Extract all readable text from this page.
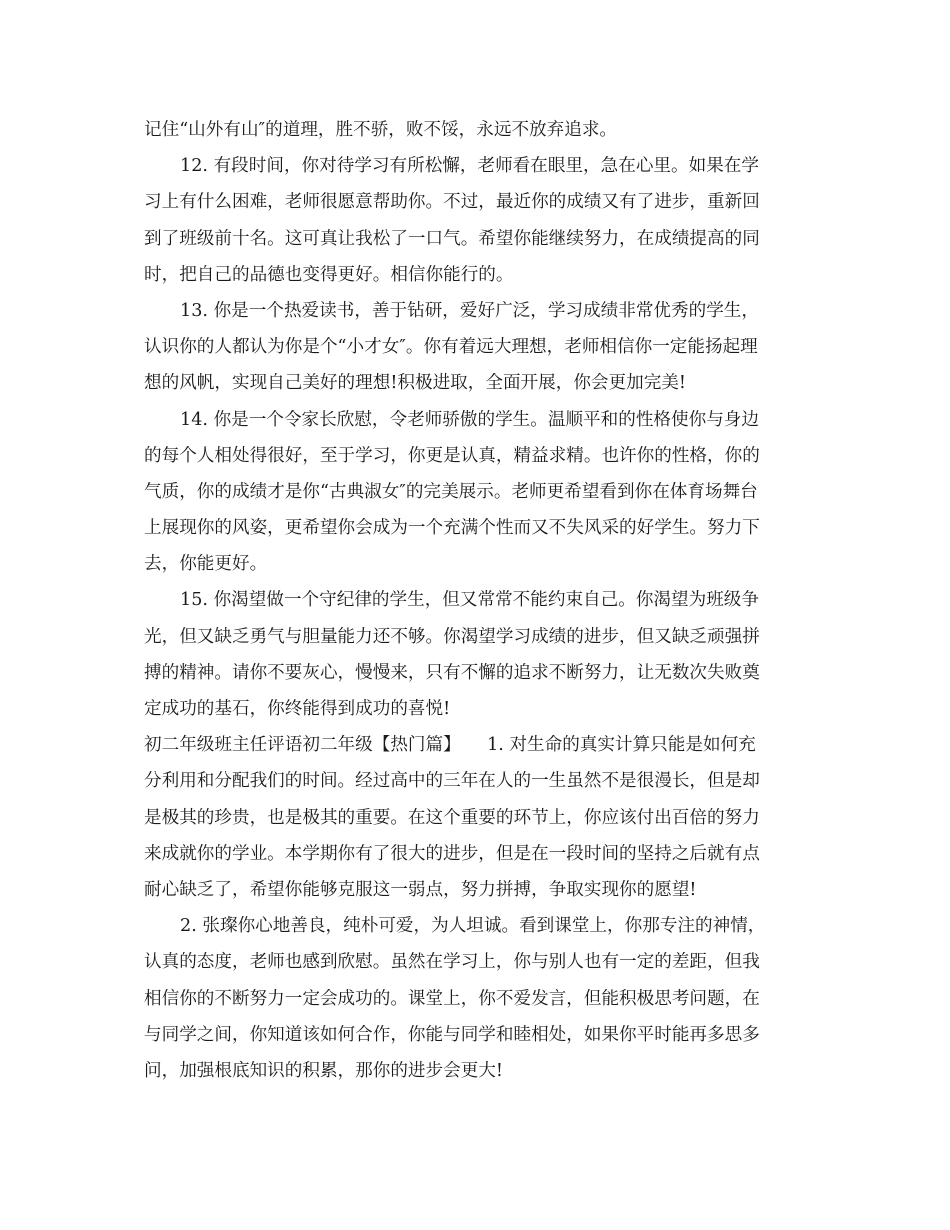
记住“山外有山″的道理，胜不骄，败不馁，永远不放弃追求。
12. 有段时间，你对待学习有所松懈，老师看在眼里，急在心里。如果在学
习上有什么困难，老师很愿意帮助你。不过，最近你的成绩又有了进步，重新回
到了班级前十名。这可真让我松了一口气。希望你能继续努力，在成绩提高的同
时，把自己的品德也变得更好。相信你能行的。
13. 你是一个热爱读书，善于钻研，爱好广泛，学习成绩非常优秀的学生，
认识你的人都认为你是个“小才女″。你有着远大理想，老师相信你一定能扬起理
想的风帆，实现自己美好的理想!积极进取，全面开展，你会更加完美!
14. 你是一个令家长欣慰，令老师骄傲的学生。温顺平和的性格使你与身边
的每个人相处得很好，至于学习，你更是认真，精益求精。也许你的性格，你的
气质，你的成绩才是你“古典淑女″的完美展示。老师更希望看到你在体育场舞台
上展现你的风姿，更希望你会成为一个充满个性而又不失风采的好学生。努力下
去，你能更好。
15. 你渴望做一个守纪律的学生，但又常常不能约束自己。你渴望为班级争
光，但又缺乏勇气与胆量能力还不够。你渴望学习成绩的进步，但又缺乏顽强拼
搏的精神。请你不要灰心，慢慢来，只有不懈的追求不断努力，让无数次失败奠
定成功的基石，你终能得到成功的喜悦!
初二年级班主任评语初二年级【热门篇】　　1. 对生命的真实计算只能是如何充
分利用和分配我们的时间。经过高中的三年在人的一生虽然不是很漫长，但是却
是极其的珍贵，也是极其的重要。在这个重要的环节上，你应该付出百倍的努力
来成就你的学业。本学期你有了很大的进步，但是在一段时间的坚持之后就有点
耐心缺乏了，希望你能够克服这一弱点，努力拼搏，争取实现你的愿望!
2. 张璨你心地善良，纯朴可爱，为人坦诚。看到课堂上，你那专注的神情，
认真的态度，老师也感到欣慰。虽然在学习上，你与别人也有一定的差距，但我
相信你的不断努力一定会成功的。课堂上，你不爱发言，但能积极思考问题，在
与同学之间，你知道该如何合作，你能与同学和睦相处，如果你平时能再多思多
问，加强根底知识的积累，那你的进步会更大!
